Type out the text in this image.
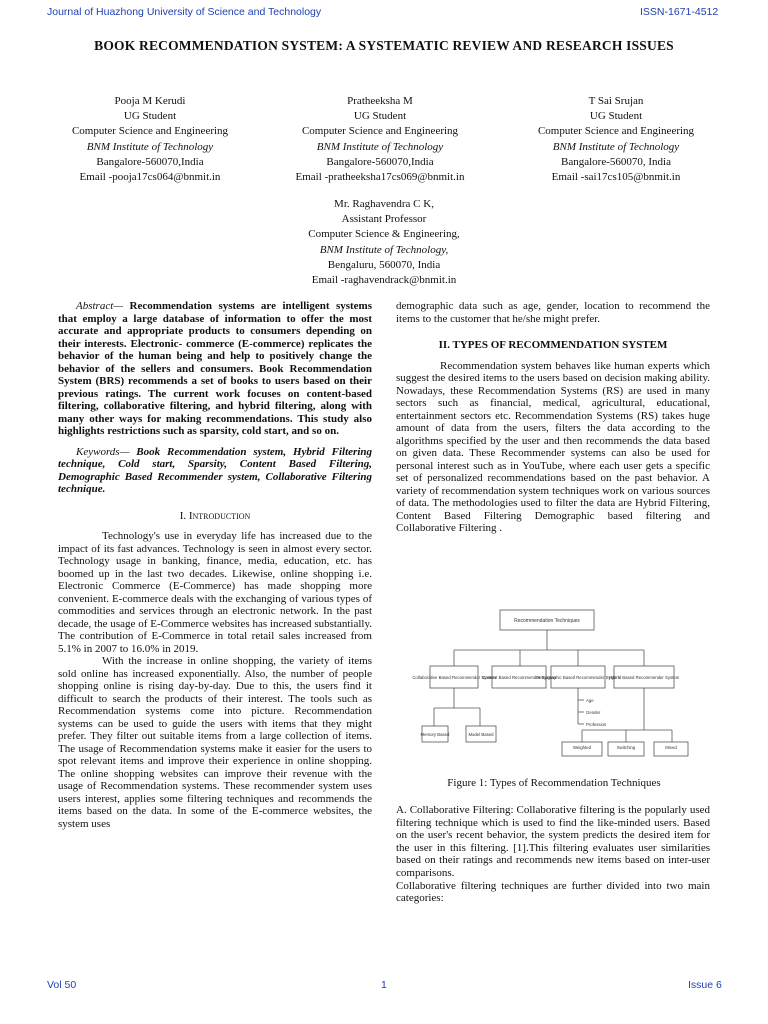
Journal of Huazhong University of Science and Technology	ISSN-1671-4512
BOOK RECOMMENDATION SYSTEM: A SYSTEMATIC REVIEW AND RESEARCH ISSUES
Pooja M Kerudi
UG Student
Computer Science and Engineering
BNM Institute of Technology
Bangalore-560070,India
Email -pooja17cs064@bnmit.in
Pratheeksha M
UG Student
Computer Science and Engineering
BNM Institute of Technology
Bangalore-560070,India
Email -pratheeksha17cs069@bnmit.in
T Sai Srujan
UG Student
Computer Science and Engineering
BNM Institute of Technology
Bangalore-560070, India
Email -sai17cs105@bnmit.in
Mr. Raghavendra C K,
Assistant Professor
Computer Science & Engineering,
BNM Institute of Technology,
Bengaluru, 560070, India
Email -raghavendrack@bnmit.in

Abstract— Recommendation systems are intelligent systems that employ a large database of information to offer the most accurate and appropriate products to consumers depending on their interests. Electronic- commerce (E-commerce) replicates the behavior of the human being and help to positively change the behavior of the sellers and consumers. Book Recommendation System (BRS) recommends a set of books to users based on their previous ratings. The current work focuses on content-based filtering, collaborative filtering, and hybrid filtering, along with many other ways for making recommendations. This study also highlights restrictions such as sparsity, cold start, and so on.

Keywords— Book Recommendation system, Hybrid Filtering technique, Cold start, Sparsity, Content Based Filtering, Demographic Based Recommender system, Collaborative Filtering technique.

I. Introduction

Technology's use in everyday life has increased due to the impact of its fast advances. Technology is seen in almost every sector. Technology usage in banking, finance, media, education, etc. has boomed up in the last two decades. Likewise, online shopping i.e. Electronic Commerce (E-Commerce) has made shopping more convenient. E-commerce deals with the exchanging of various types of commodities and services through an electronic network. In the past decade, the usage of E-Commerce websites has increased substantially. The contribution of E-Commerce in total retail sales increased from 5.1% in 2007 to 16.0% in 2019.

With the increase in online shopping, the variety of items sold online has increased exponentially. Also, the number of people shopping online is rising day-by-day. Due to this, the users find it difficult to search the products of their interest. The tools such as Recommendation systems come into picture. Recommendation systems can be used to guide the users with items that they might prefer. They filter out suitable items from a large collection of items. The usage of Recommendation systems make it easier for the users to spot relevant items and improve their experience in online shopping. The online shopping websites can improve their revenue with the usage of Recommendation systems. These recommender system uses users interest, applies some filtering techniques and recommends the items based on the data. In some of the E-commerce websites, the system uses

demographic data such as age, gender, location to recommend the items to the customer that he/she might prefer.

II. TYPES OF RECOMMENDATION SYSTEM

Recommendation system behaves like human experts which suggest the desired items to the users based on decision making ability. Nowadays, these Recommendation Systems (RS) are used in many sectors such as financial, medical, agricultural, educational, entertainment sectors etc. Recommendation Systems (RS) takes huge amount of data from the users, filters the data according to the algorithms specified by the user and then recommends the data based on given data. These Recommender systems can also be used for personal interest such as in YouTube, where each user gets a specific set of personalized recommendations based on the past behavior. A variety of recommendation system techniques work on various sources of data. The methodologies used to filter the data are Hybrid Filtering, Content Based Filtering Demographic based filtering and Collaborative Filtering .

Recommendation Techniques
Collaborative Based Recommender System
Content Based Recommender System
Demographic Based Recommender System
Hybrid Based Recommender System
Memory Based	Model Based
Weighted	Switching	Mixed
Age
Gender
Profession
Figure 1: Types of Recommendation Techniques

A. Collaborative Filtering: Collaborative filtering is the popularly used filtering technique which is used to find the like-minded users. Based on the user's recent behavior, the system predicts the desired item for the user in this filtering. [1].This filtering evaluates user similarities based on their ratings and recommends new items based on inter-user comparisons.

Collaborative filtering techniques are further divided into two main categories:

Vol 50	1	Issue 6
